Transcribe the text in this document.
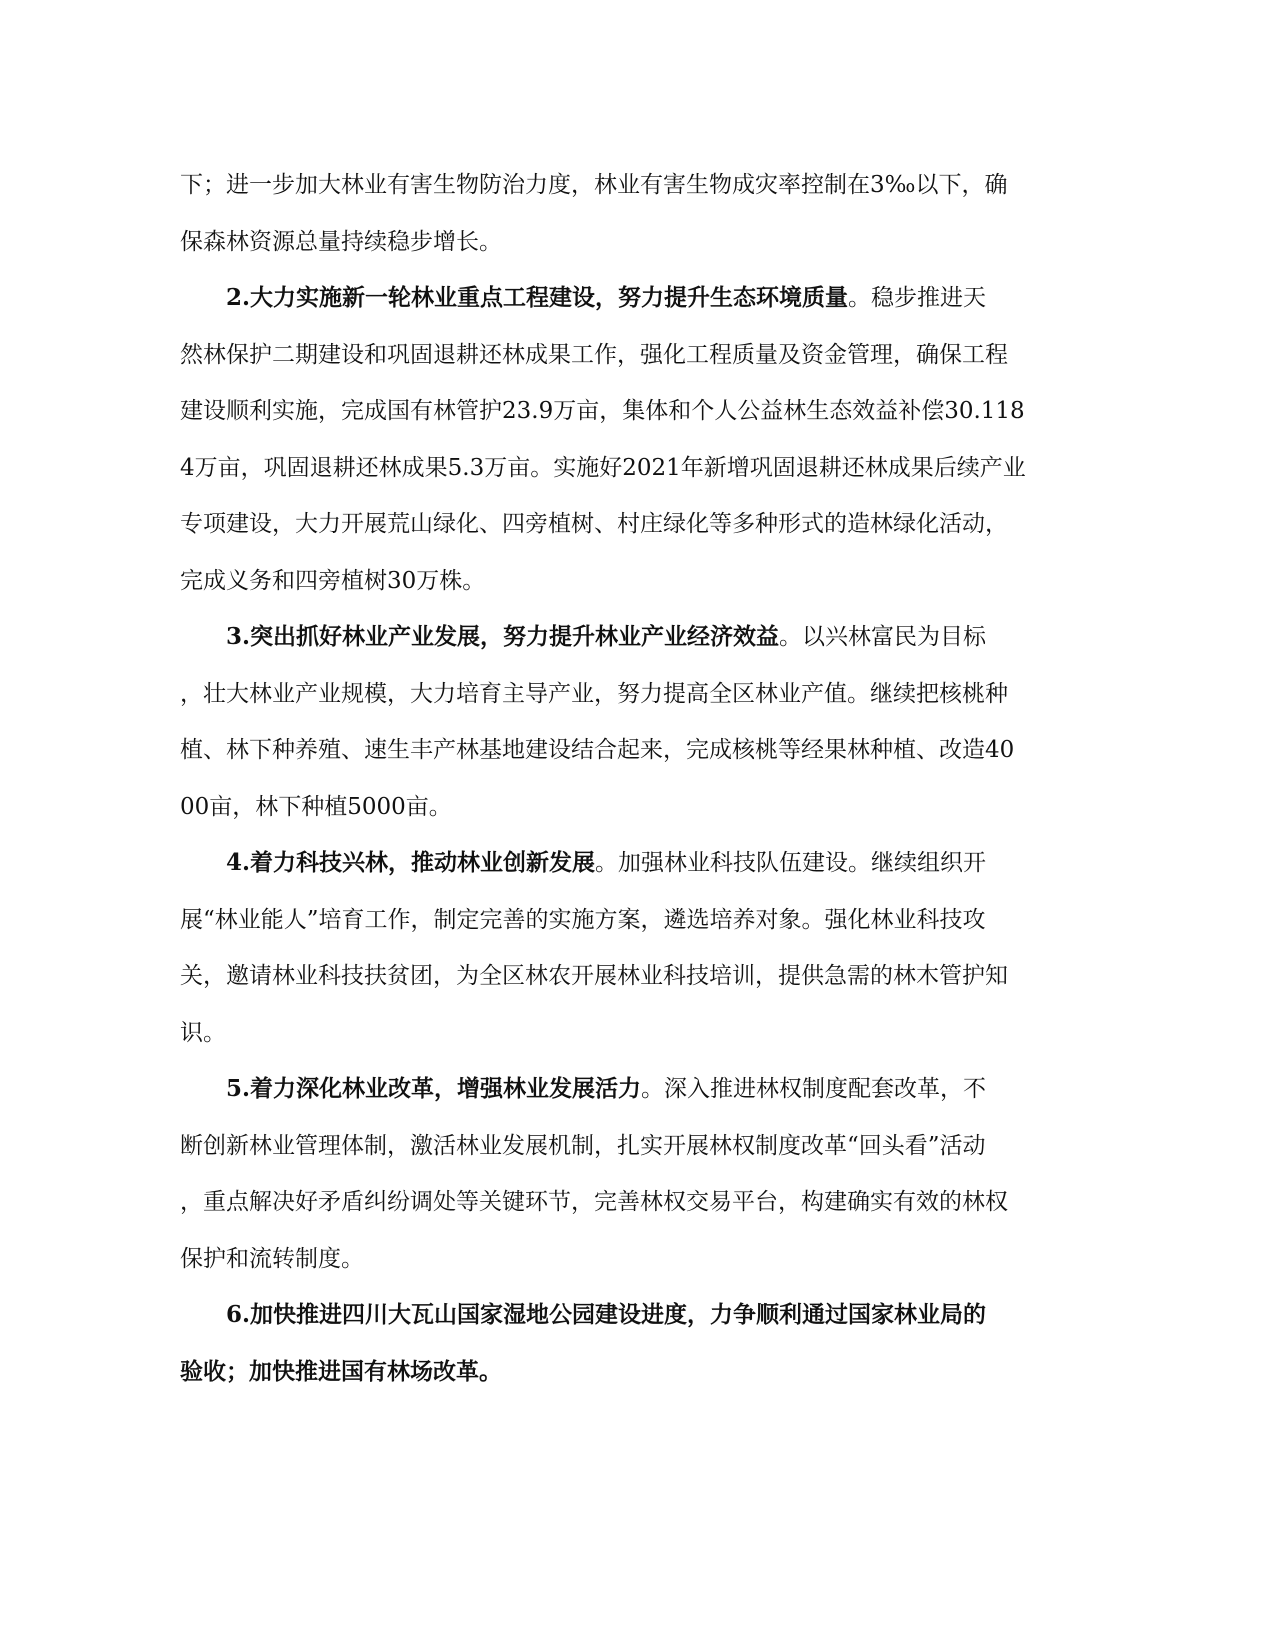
下；进一步加大林业有害生物防治力度，林业有害生物成灾率控制在3‰以下，确
保森林资源总量持续稳步增长。
2.大力实施新一轮林业重点工程建设，努力提升生态环境质量。稳步推进天
然林保护二期建设和巩固退耕还林成果工作，强化工程质量及资金管理，确保工程
建设顺利实施，完成国有林管护23.9万亩，集体和个人公益林生态效益补偿30.118
4万亩，巩固退耕还林成果5.3万亩。实施好2021年新增巩固退耕还林成果后续产业
专项建设，大力开展荒山绿化、四旁植树、村庄绿化等多种形式的造林绿化活动，
完成义务和四旁植树30万株。
3.突出抓好林业产业发展，努力提升林业产业经济效益。以兴林富民为目标
，壮大林业产业规模，大力培育主导产业，努力提高全区林业产值。继续把核桃种
植、林下种养殖、速生丰产林基地建设结合起来，完成核桃等经果林种植、改造40
00亩，林下种植5000亩。
4.着力科技兴林，推动林业创新发展。加强林业科技队伍建设。继续组织开
展“林业能人”培育工作，制定完善的实施方案，遴选培养对象。强化林业科技攻
关，邀请林业科技扶贫团，为全区林农开展林业科技培训，提供急需的林木管护知
识。
5.着力深化林业改革，增强林业发展活力。深入推进林权制度配套改革，不
断创新林业管理体制，激活林业发展机制，扎实开展林权制度改革“回头看”活动
，重点解决好矛盾纠纷调处等关键环节，完善林权交易平台，构建确实有效的林权
保护和流转制度。
6.加快推进四川大瓦山国家湿地公园建设进度，力争顺利通过国家林业局的
验收；加快推进国有林场改革。
